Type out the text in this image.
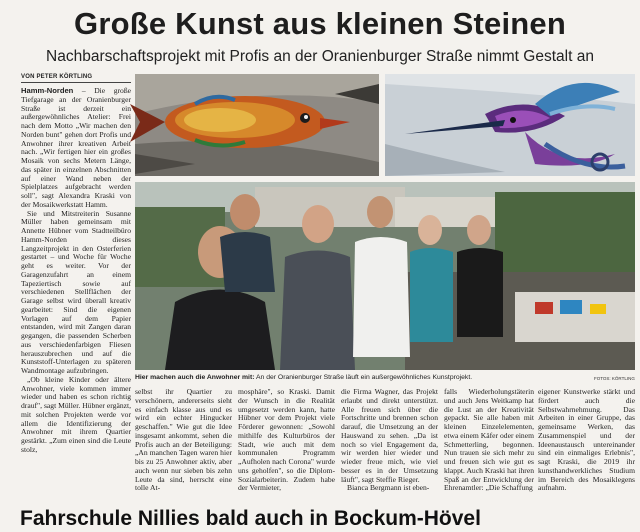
Große Kunst aus kleinen Steinen
Nachbarschaftsprojekt mit Profis an der Oranienburger Straße nimmt Gestalt an
VON PETER KÖRTLING

Hamm-Norden – Die große Tiefgarage an der Oranienburger Straße ist derzeit ein außergewöhnliches Atelier: Frei nach dem Motto „Wir machen den Norden bunt" gehen dort Profis und Anwohner ihrer kreativen Arbeit nach. „Wir fertigen hier ein großes Mosaik von sechs Metern Länge, das später in einzelnen Abschnitten auf einer Wand neben der Spielplatzes aufgebracht werden soll", sagt Alexandra Kraski von der Mosaikwerkstatt Hamm.

Sie und Mitstreiterin Susanne Müller haben gemeinsam mit Annette Hübner vom Stadtteilbüro Hamm-Norden dieses Langzeitprojekt in den Osterferien gestartet – und Woche für Woche geht es weiter. Vor der Garagenzufahrt an einem Tapeziertisch sowie auf verschiedenen Stellflächen der Garage selbst wird überall kreativ gearbeitet: Sind die eigenen Vorlagen auf dem Papier entstanden, wird mit Zangen daran gegangen, die passenden Scherben aus verschiedenfarbigen Fliesen herauszubrechen und auf die Kunststoff-Unterlagen zu späteren Wandmontage aufzubringen.

„Ob kleine Kinder oder ältere Anwohner, viele kommen immer wieder und haben es schon richtig drauf", sagt Müller. Hübner ergänzt, mit solchen Projekten werde vor allem die Identifizierung der Anwohner mit ihrem Quartier gestärkt. „Zum einen sind die Leute stolz,

Hier machen auch die Anwohner mit: An der Oranienburger Straße läuft ein außergewöhnliches Kunstprojekt.	FOTOS: KÖRTLING

selbst ihr Quartier zu verschönern, andererseits sieht es einfach klasse aus und es wird ein echter Hingucker geschaffen." Wie gut die Idee insgesamt ankommt, sehen die Profis auch an der Beteiligung: „An manchen Tagen waren hier bis zu 25 Anwohner aktiv, aber auch wenn nur sieben bis zehn Leute da sind, herrscht eine tolle At-

mosphäre", so Kraski. Damit der Wunsch in die Realität umgesetzt werden kann, hatte Hübner vor dem Projekt viele Förderer gewonnen: „Sowohl mithilfe des Kulturbüros der Stadt, wie auch mit dem kommunalen Programm „Aufholen nach Corona" wurde uns geholfen", so die Diplom-Sozialarbeiterin. Zudem habe der Vermieter,

die Firma Wagner, das Projekt erlaubt und direkt unterstützt. Alle freuen sich über die Fortschritte und brennen schon darauf, die Umsetzung an der Hauswand zu sehen. „Da ist noch so viel Engagement da, wir werden hier wieder und wieder freue mich, wie viel besser es in der Umsetzung läuft", sagt Steffie Rieger.

Bianca Bergmann ist eben-

falls Wiederholungstäterin und auch Jens Weitkamp hat die Lust an der Kreativität gepackt. Sie alle haben mit kleinen Einzelelementen, etwa einem Käfer oder einem Schmetterling, begonnen. Nun trauen sie sich mehr zu und freuen sich wie gut es klappt. Auch Kraski hat ihren Spaß an der Entwicklung der Ehrenamtler: „Die Schaffung

eigener Kunstwerke stärkt und fördert auch die Selbstwahrnehmung. Das Arbeiten in einer Gruppe, das gemeinsame Werken, das Zusammenspiel und der Ideenaustausch untereinander sind ein einmaliges Erlebnis", sagt Kraski, die 2019 ihr kunsthandwerkliches Studium im Bereich des Mosaiklegens aufnahm.

Fahrschule Nillies bald auch in Bockum-Hövel
